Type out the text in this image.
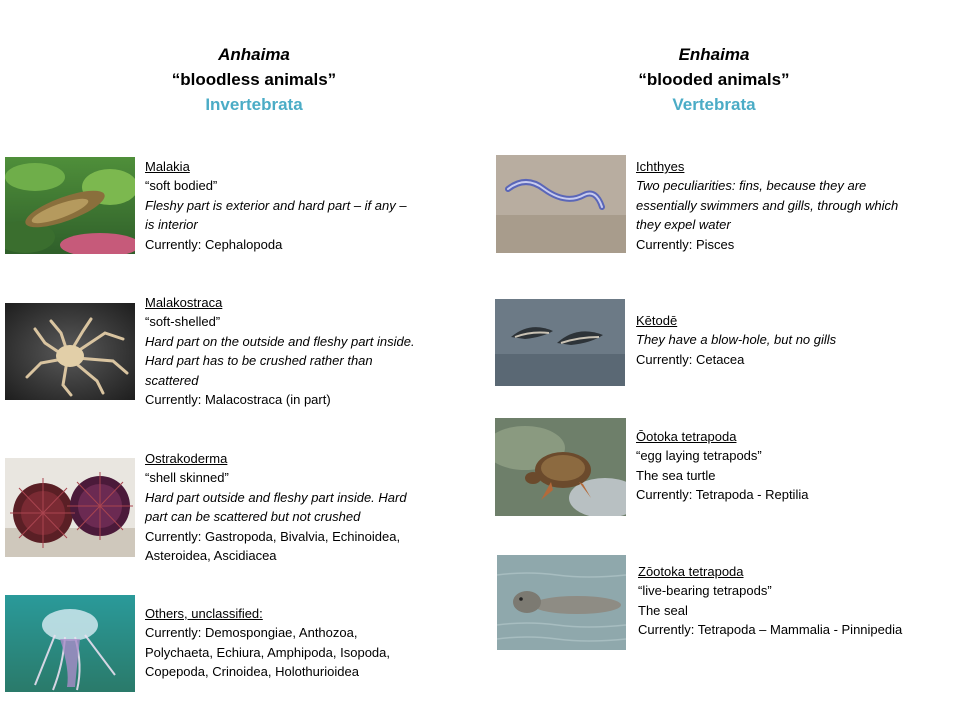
Anhaima
“bloodless animals”
Invertebrata
Enhaima
“blooded animals”
Vertebrata
Malakia
“soft bodied”
Fleshy part is exterior and hard part – if any –
is interior
Currently: Cephalopoda
Malakostraca
“soft-shelled”
Hard part on the outside and fleshy part inside.
Hard part has to be crushed rather than
scattered
Currently: Malacostraca (in part)
Ostrakoderma
“shell skinned”
Hard part outside and fleshy part inside. Hard
part can be scattered but not crushed
Currently: Gastropoda, Bivalvia, Echinoidea,
Asteroidea, Ascidiacea
Others, unclassified:
Currently: Demospongiae, Anthozoa,
Polychaeta, Echiura, Amphipoda, Isopoda,
Copepoda, Crinoidea, Holothurioidea
Ichthyes
Two peculiarities: fins, because they are
essentially swimmers and gills, through which
they expel water
Currently: Pisces
Kētodē
They have a blow-hole, but no gills
Currently: Cetacea
Ōotoka tetrapoda
“egg laying tetrapods”
The sea turtle
Currently: Tetrapoda - Reptilia
Zōotoka tetrapoda
“live-bearing tetrapods”
The seal
Currently: Tetrapoda – Mammalia - Pinnipedia
